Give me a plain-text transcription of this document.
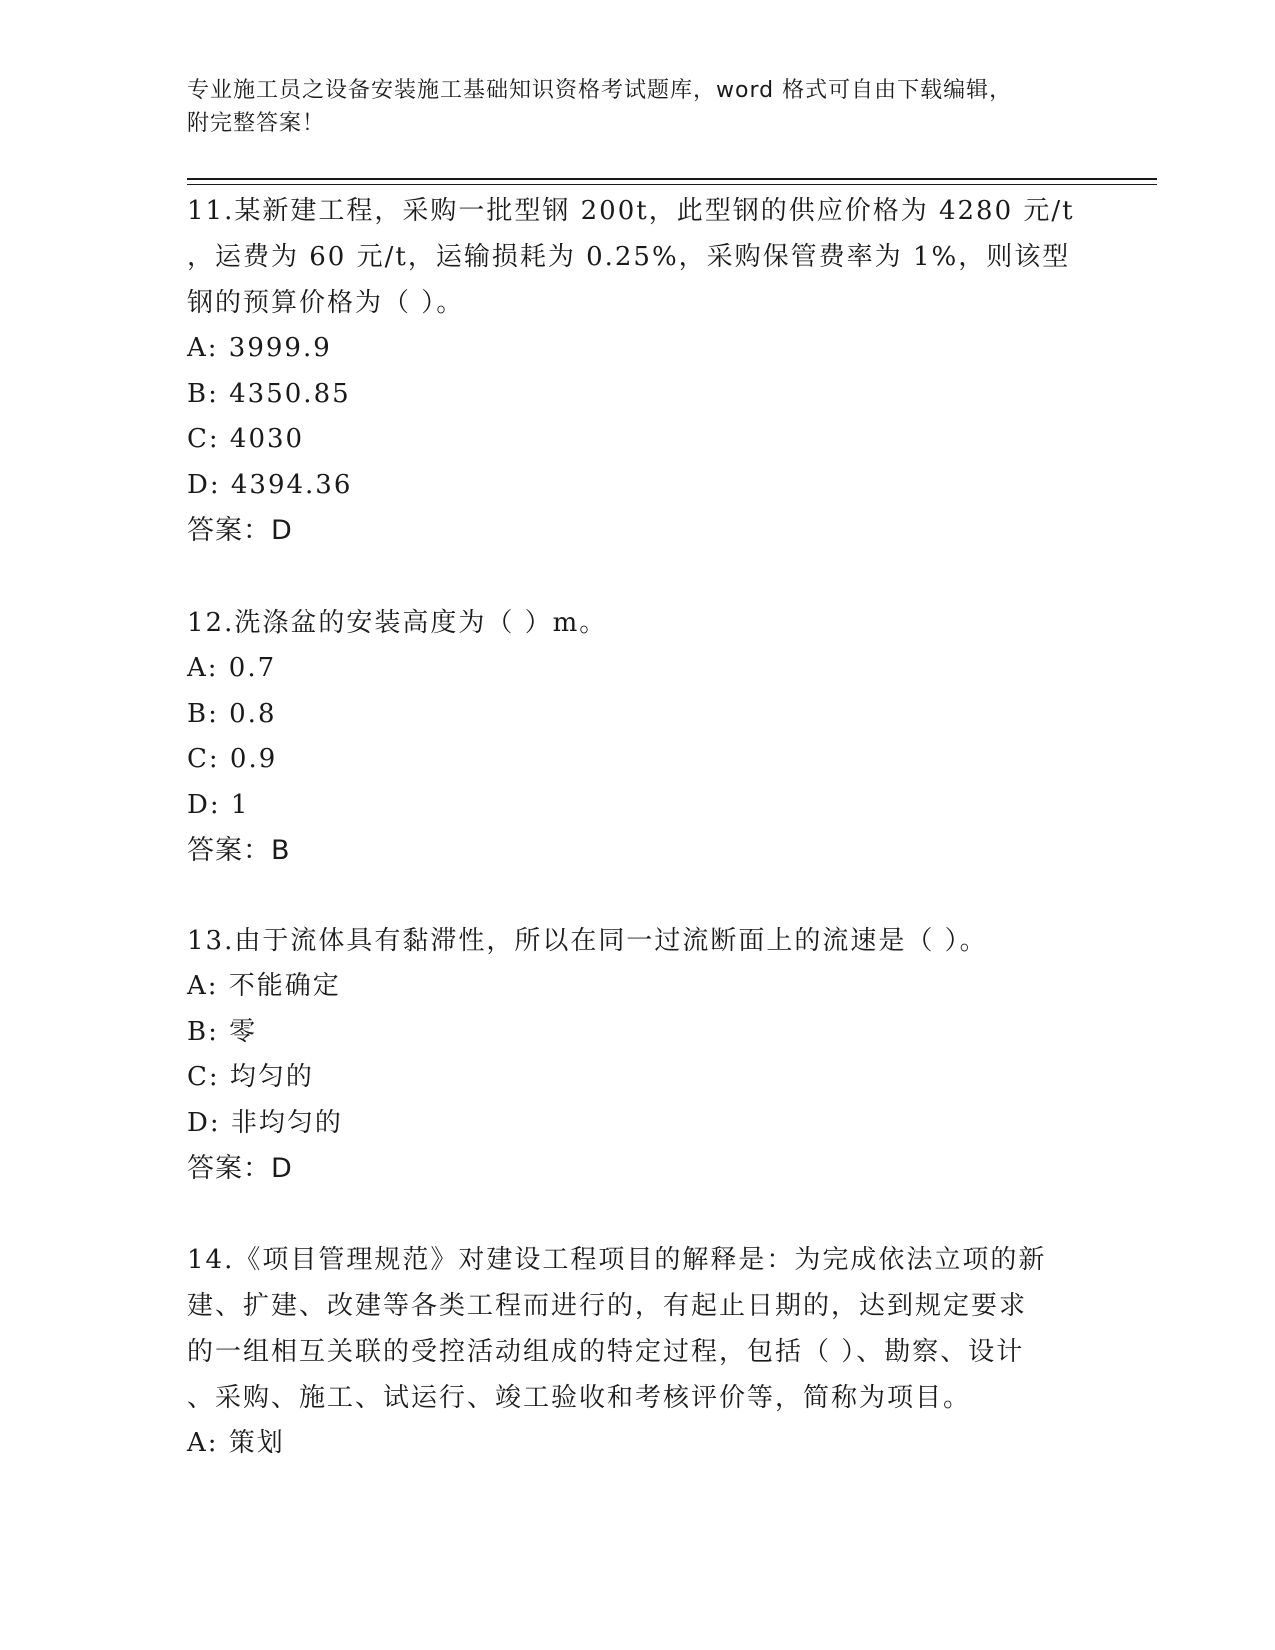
专业施工员之设备安装施工基础知识资格考试题库，word 格式可自由下载编辑，
附完整答案！

11.某新建工程，采购一批型钢 200t，此型钢的供应价格为 4280 元/t
，运费为 60 元/t，运输损耗为 0.25%，采购保管费率为 1%，则该型
钢的预算价格为（ ）。

A: 3999.9

B: 4350.85

C: 4030

D: 4394.36

答案：D

12.洗涤盆的安装高度为（ ）m。

A: 0.7

B: 0.8

C: 0.9

D: 1

答案：B

13.由于流体具有黏滞性，所以在同一过流断面上的流速是（ ）。

A: 不能确定

B: 零

C: 均匀的

D: 非均匀的

答案：D

14.《项目管理规范》对建设工程项目的解释是：为完成依法立项的新
建、扩建、改建等各类工程而进行的，有起止日期的，达到规定要求
的一组相互关联的受控活动组成的特定过程，包括（ ）、勘察、设计
、采购、施工、试运行、竣工验收和考核评价等，简称为项目。

A: 策划
